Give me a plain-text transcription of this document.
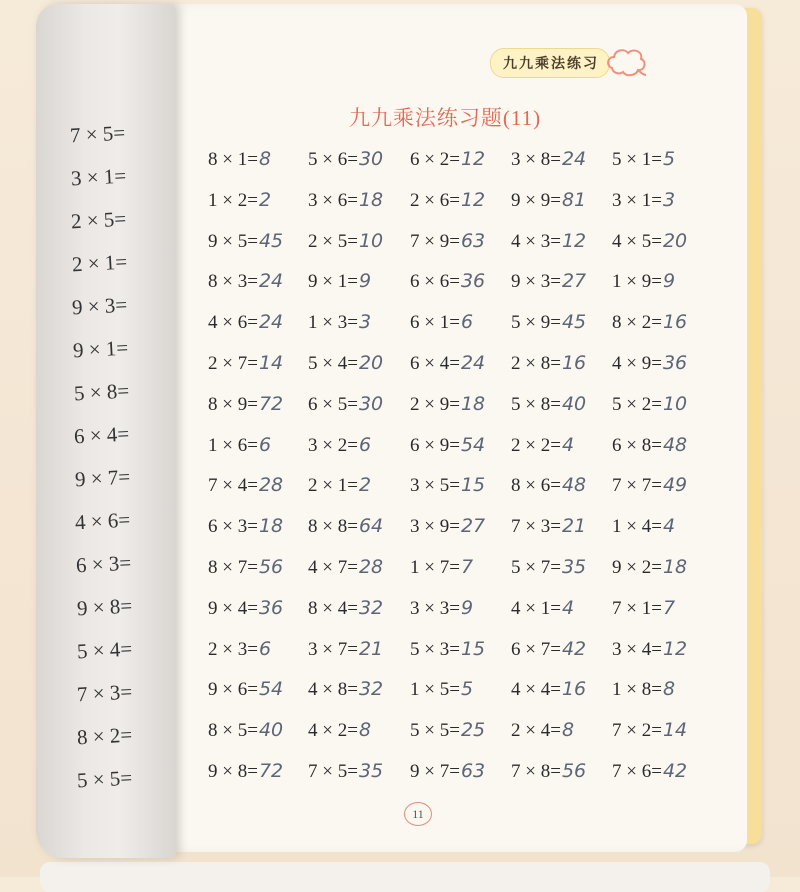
7 × 5=
3 × 1=
2 × 5=
2 × 1=
9 × 3=
9 × 1=
5 × 8=
6 × 4=
9 × 7=
4 × 6=
6 × 3=
9 × 8=
5 × 4=
7 × 3=
8 × 2=
5 × 5=
九九乘法练习
九九乘法练习题(11)
8 × 1=8 5 × 6=30 6 × 2=12 3 × 8=24 5 × 1=5
1 × 2=2 3 × 6=18 2 × 6=12 9 × 9=81 3 × 1=3
9 × 5=45 2 × 5=10 7 × 9=63 4 × 3=12 4 × 5=20
8 × 3=24 9 × 1=9 6 × 6=36 9 × 3=27 1 × 9=9
4 × 6=24 1 × 3=3 6 × 1=6 5 × 9=45 8 × 2=16
2 × 7=14 5 × 4=20 6 × 4=24 2 × 8=16 4 × 9=36
8 × 9=72 6 × 5=30 2 × 9=18 5 × 8=40 5 × 2=10
1 × 6=6 3 × 2=6 6 × 9=54 2 × 2=4 6 × 8=48
7 × 4=28 2 × 1=2 3 × 5=15 8 × 6=48 7 × 7=49
6 × 3=18 8 × 8=64 3 × 9=27 7 × 3=21 1 × 4=4
8 × 7=56 4 × 7=28 1 × 7=7 5 × 7=35 9 × 2=18
9 × 4=36 8 × 4=32 3 × 3=9 4 × 1=4 7 × 1=7
2 × 3=6 3 × 7=21 5 × 3=15 6 × 7=42 3 × 4=12
9 × 6=54 4 × 8=32 1 × 5=5 4 × 4=16 1 × 8=8
8 × 5=40 4 × 2=8 5 × 5=25 2 × 4=8 7 × 2=14
9 × 8=72 7 × 5=35 9 × 7=63 7 × 8=56 7 × 6=42
11
